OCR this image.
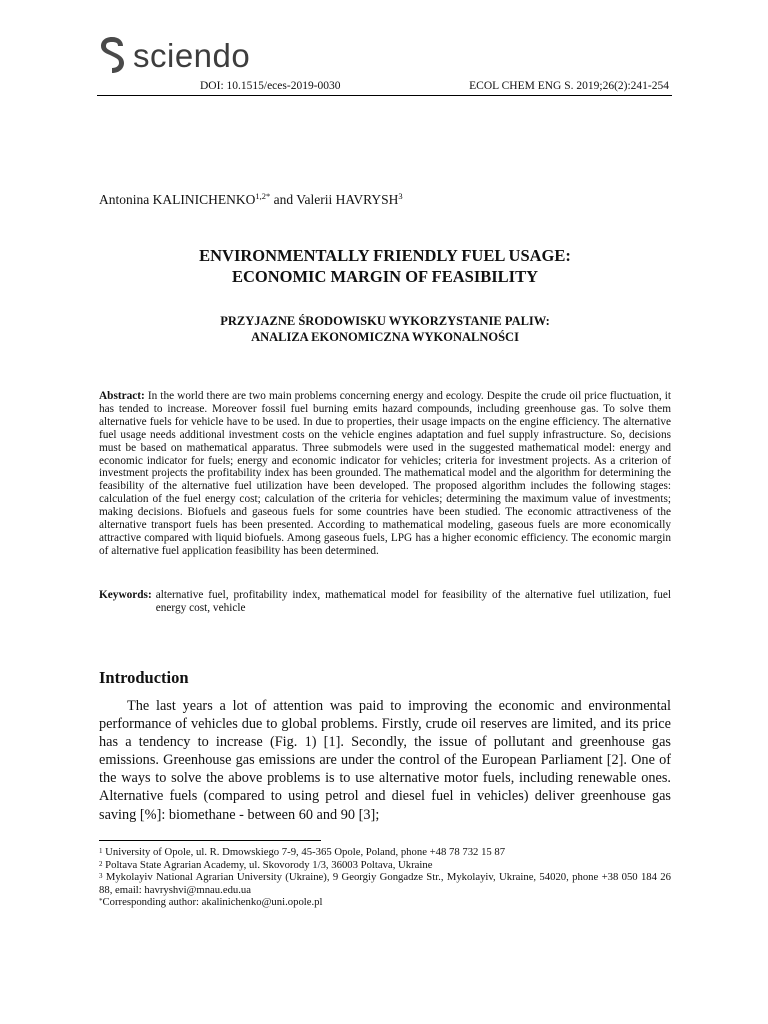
sciendo
DOI: 10.1515/eces-2019-0030	ECOL CHEM ENG S. 2019;26(2):241-254
Antonina $KALINICHENKO^{1,2*}$ and Valerii HAVRYSH$^3$
ENVIRONMENTALLY FRIENDLY FUEL USAGE:
ECONOMIC MARGIN OF FEASIBILITY
PRZYJAZNE ŚRODOWISKU WYKORZYSTANIE PALIW:
ANALIZA EKONOMICZNA WYKONALNOŚCI
Abstract: In the world there are two main problems concerning energy and ecology. Despite the crude oil price fluctuation, it has tended to increase. Moreover fossil fuel burning emits hazard compounds, including greenhouse gas. To solve them alternative fuels for vehicle have to be used. In due to properties, their usage impacts on the engine efficiency. The alternative fuel usage needs additional investment costs on the vehicle engines adaptation and fuel supply infrastructure. So, decisions must be based on mathematical apparatus. Three submodels were used in the suggested mathematical model: energy and economic indicator for fuels; energy and economic indicator for vehicles; criteria for investment projects. As a criterion of investment projects the profitability index has been grounded. The mathematical model and the algorithm for determining the feasibility of the alternative fuel utilization have been developed. The proposed algorithm includes the following stages: calculation of the fuel energy cost; calculation of the criteria for vehicles; determining the maximum value of investments; making decisions. Biofuels and gaseous fuels for some countries have been studied. The economic attractiveness of the alternative transport fuels has been presented. According to mathematical modeling, gaseous fuels are more economically attractive compared with liquid biofuels. Among gaseous fuels, LPG has a higher economic efficiency. The economic margin of alternative fuel application feasibility has been determined.
Keywords: alternative fuel, profitability index, mathematical model for feasibility of the alternative fuel utilization, fuel energy cost, vehicle
Introduction
The last years a lot of attention was paid to improving the economic and environmental performance of vehicles due to global problems. Firstly, crude oil reserves are limited, and its price has a tendency to increase (Fig. 1) [1]. Secondly, the issue of pollutant and greenhouse gas emissions. Greenhouse gas emissions are under the control of the European Parliament [2]. One of the ways to solve the above problems is to use alternative motor fuels, including renewable ones. Alternative fuels (compared to using petrol and diesel fuel in vehicles) deliver greenhouse gas saving [%]: biomethane - between 60 and 90 [3];

$^1$ University of Opole, ul. R. Dmowskiego 7-9, 45-365 Opole, Poland, phone +48 78 732 15 87

$^2$ Poltava State Agrarian Academy, ul. Skovorody 1/3, 36003 Poltava, Ukraine

$^3$ Mykolayiv National Agrarian University (Ukraine), 9 Georgiy Gongadze Str., Mykolayiv, Ukraine, 54020, phone +38 050 184 26 88, email: havryshvi@mnau.edu.ua

*Corresponding author: akalinichenko@uni.opole.pl
